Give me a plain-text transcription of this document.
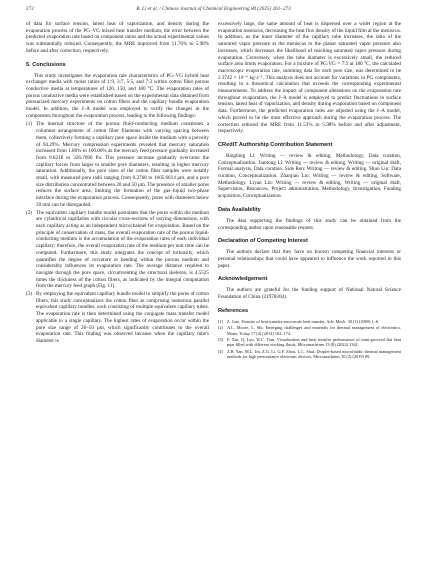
272	B. Li et al. / Chinese Journal of Chemical Engineering 80 (2025) 261–273

of data for surface tension, latent heat of vaporization, and density during the evaporation process of the PG–VG mixed heat transfer medium, the error between the predicted evaporation rate based on component ratios and the actual experimental values was substantially reduced. Consequently, the MRE improved from 11.76% to 5.98% before and after correction, respectively.

5. Conclusions

This study investigates the evaporation rate characteristics of PG–VG hybrid heat exchanger media with molar ratios of 1:9, 3:7, 5:5, and 7:3 within cotton fiber porous conductive media at temperatures of 120, 150, and 180 °C. The evaporation rates of porous conductive media were established based on the experimental data obtained from pressurized mercury experiments on cotton fibers and the capillary bundle evaporation model. In addition, the J–A model was employed to verify the changes in the components throughout the evaporation process, leading to the following findings:

(1) The internal structure of the porous fluid-conducting medium constitutes a columnar arrangement of cotton fiber filaments with varying spacing between them, collectively forming a capillary pore space inside the medium with a porosity of 94.29%. Mercury compression experiments revealed that mercury saturation increased from 1.80% to 100.00% as the mercury feed pressure gradually increased from 0.6218 to 326.7090 Pa. This pressure increase gradually overcame the capillary forces from larger to smaller pore diameters, resulting in higher mercury saturation. Additionally, the pore sizes of the cotton fiber samples were notably small, with measured pore radii ranging from 0.2768 to 1605.6614 μm, and a pore size distribution concentrated between 20 and 50 μm. The presence of smaller pores reduces the surface area, limiting the formation of the gas–liquid two-phase interface during the evaporation process. Consequently, pores with diameters below 20 mm can be disregarded.
(2) The equivalent capillary bundle model postulates that the pores within the medium are cylindrical capillaries with circular cross-sections of varying dimensions, with each capillary acting as an independent microchannel for evaporation. Based on the principle of conservation of mass, the overall evaporation rate of the porous liquid-conducting medium is the accumulation of the evaporation rates of each individual capillary; therefore, the overall evaporation rate of the medium per unit time can be computed. Furthermore, this study integrates the concept of tortuosity, which quantifies the degree of curvature or bending within the porous medium and considerably influences its evaporation rate. The average distance required to navigate through the pore space, circumventing the structural skeleton, is 4.5525 times the thickness of the cotton fibers, as indicated by the integral computation from the mercury feed graph (Fig. 11).
(3) By employing the equivalent capillary bundle model to simplify the pores of cotton fibers, this study conceptualizes the cotton fiber as comprising numerous parallel equivalent capillary bundles, each consisting of multiple equivalent capillary tubes. The evaporation rate is then determined using the conjugate mass transfer model applicable to a single capillary. The highest rates of evaporation occur within the pore size range of 20–50 μm, which significantly contributes to the overall evaporation rate. This finding was observed because when the capillary tube's diameter is

excessively large, the same amount of heat is dispersed over a wider region at the evaporation meniscus, decreasing the heat flux density of the liquid film at the meniscus. In addition, as the inner diameter of the capillary tube increases, the ratio of the saturated vapor pressure at the meniscus to the planar saturated vapor pressure also increases, which decreases the likelihood of reaching saturated vapor pressure during evaporation. Conversely, when the tube diameter is excessively small, the reduced surface area limits evaporation. For a mixture of PG:VG = 7:3 at 180 °C, the calculated macroscopic evaporation rate, summing data for each pore size, was determined to be 2.3742 × 10⁻⁶ kg·s⁻¹. This analysis does not account for variations in PG components, resulting in a theoretical calculation that exceeds the corresponding experimental measurements. To address the impact of component alterations on the evaporation rate throughout evaporation, the J–A model is employed to predict fluctuations in surface tension, latent heat of vaporization, and density during evaporation based on component data. Furthermore, the predicted evaporation rates are adjusted using the J–A model, which proved to be the most effective approach during the evaporation process. The correction reduced the MRE from 11.53% to 5.98% before and after adjustment, respectively.

CRediT Authorship Contribution Statement

Bingbing Li: Writing — review & editing, Methodology, Data curation, Conceptualization. Jiantong Li: Writing — review & editing, Writing — original draft, Formal analysis, Data curation. Side Ren: Writing — review & editing. Shuo Liu: Data curation, Conceptualization. Zhanjian Liu: Writing — review & editing, Software, Methodology. Liyan Liu: Writing — review & editing, Writing — original draft, Supervision, Resources, Project administration, Methodology, Investigation, Funding acquisition, Conceptualization.

Data Availability

The data supporting the findings of this study can be obtained from the corresponding author upon reasonable request.

Declaration of Competing Interest

The authors declare that they have no known competing financial interests or personal relationships that could have appeared to influence the work reported in this paper.

Acknowledgement

The authors are grateful for the funding support of National Natural Science Foundation of China (21978204).

References
[1] Z. Guo, Frontier of heat transfer-microscale heat transfer, Adv. Mech. 30 (1) (2000) 1–6.
[2] A.L. Moore, L. Shi, Emerging challenges and materials for thermal management of electronics, Mater. Today 17 (4) (2014) 163–174.
[3] F. Xin, Q. Lyu, W.C. Tian, Visualization and heat transfer performance of mini-grooved flat heat pipe filled with different working fluids, Micromachines 13 (8) (2022) 1341.
[4] Z.B. Yan, M.L. Jin, Z.G. Li, G.F. Zhou, L.L. Shui, Droplet-based microfluidic thermal management methods for high performance electronic devices, Micromachines 10 (2) (2019) 89.
